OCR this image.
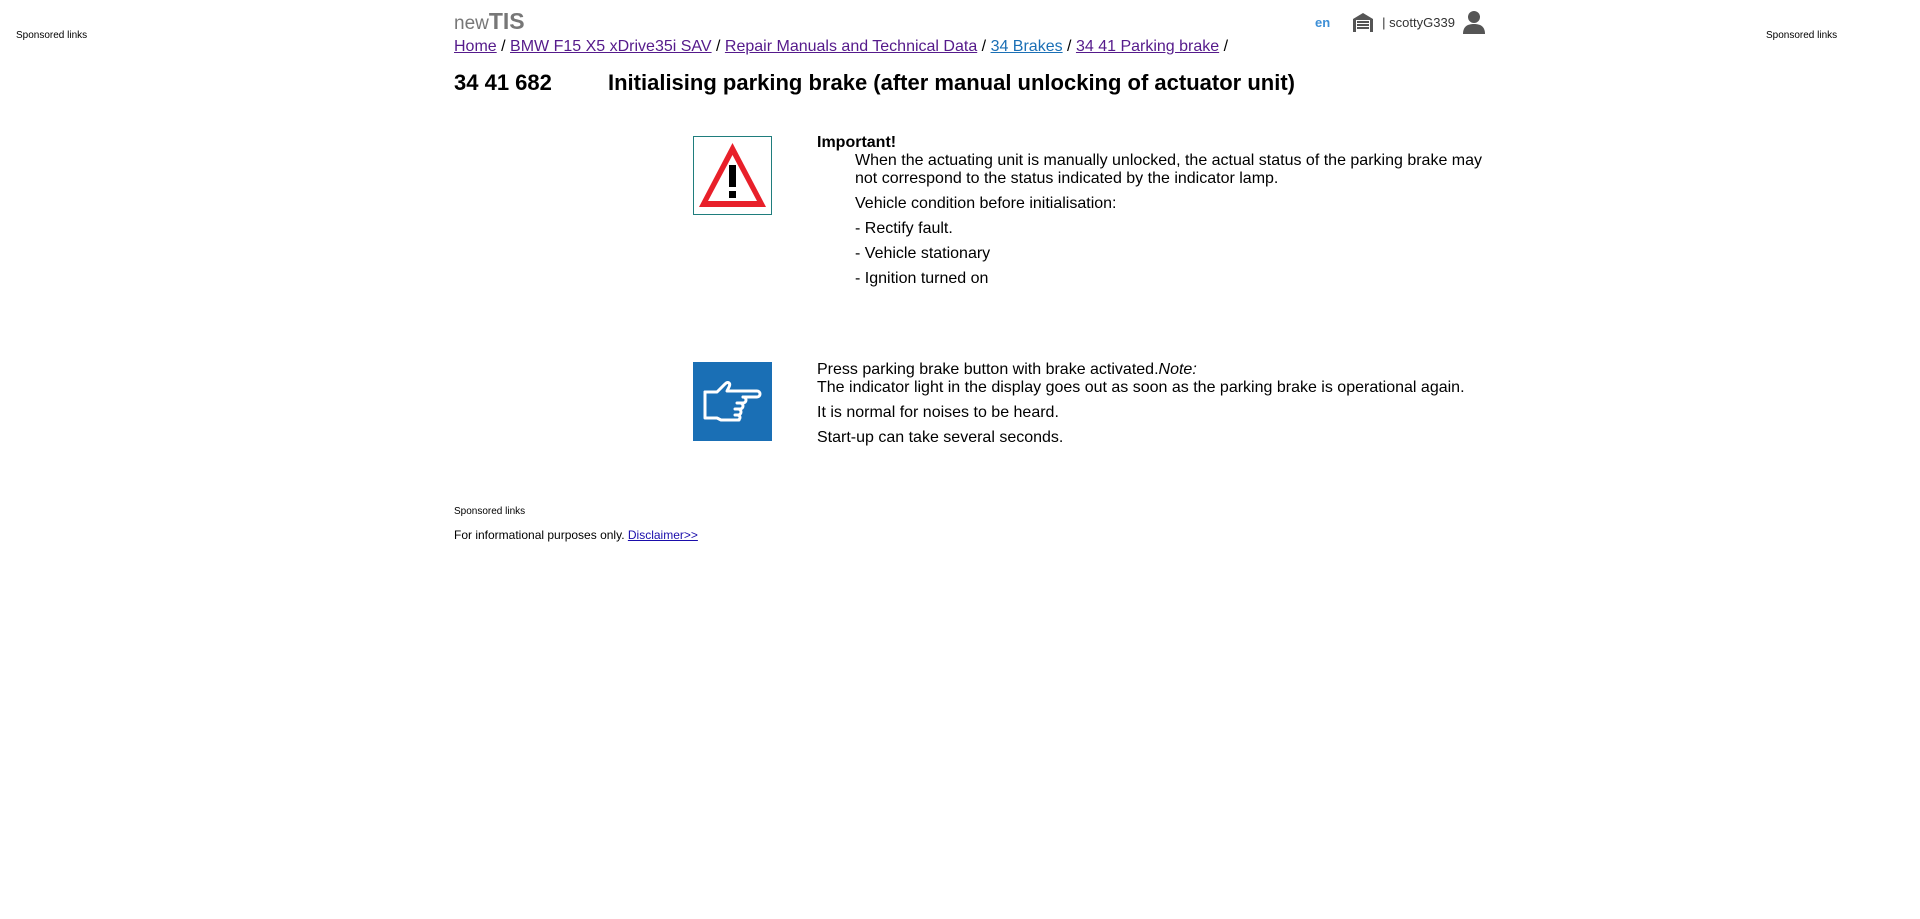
Sponsored links	Sponsored links
newTIS	en	| scottyG339
Home / BMW F15 X5 xDrive35i SAV / Repair Manuals and Technical Data / 34 Brakes / 34 41 Parking brake /
34 41 682	Initialising parking brake (after manual unlocking of actuator unit)
Important!

When the actuating unit is manually unlocked, the actual status of the parking brake may not correspond to the status indicated by the indicator lamp.

Vehicle condition before initialisation:

- Rectify fault.

- Vehicle stationary

- Ignition turned on

Press parking brake button with brake activated.Note:
The indicator light in the display goes out as soon as the parking brake is operational again.

It is normal for noises to be heard.

Start-up can take several seconds.

Sponsored links
For informational purposes only. Disclaimer>>
